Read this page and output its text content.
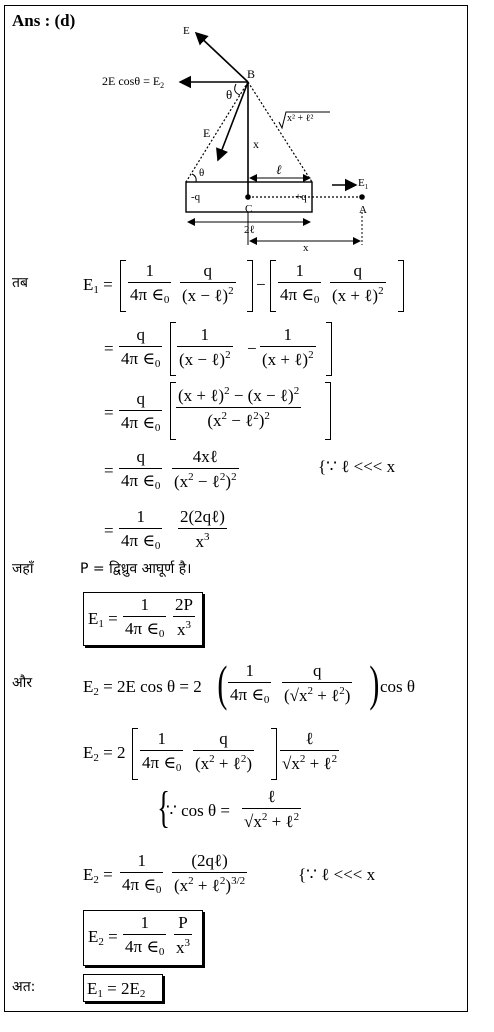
Ans : (d)
E
2E $\cos\theta = E_2$
B
θ
E
x² + ℓ²
x
ℓ
$E_1$
-q	+q
C	A
2ℓ
x
θ
तब	$E_1$ =
1
4π $\in_0$
q
(x − ℓ)$^2$ −
1
4π $\in_0$
q
(x + ℓ)$^2$
=
q
4π $\in_0$
1
(x − ℓ)$^2$ −
1
(x + ℓ)$^2$
=
q
4π $\in_0$
(x + ℓ)$^2$ − (x − ℓ)$^2$
($x^2$ − ℓ$^2$)$^2$
=
q
4π $\in_0$
4xℓ
($x^2$ − ℓ$^2$)$^2$
{∵ ℓ <<< x
=
1
4π $\in_0$
2(2qℓ)
$x^3$
जहाँ	P = द्विध्रुव आघूर्ण है।
$E_1$ =
1
4π $\in_0$
2P
$x^3$
और	$E_2 = 2E$ cos θ = 2 (	1
4π $\in_0$
q
($√x^2$ + ℓ$^2$) ) cos θ
$E_2 = 2$
1
4π $\in_0$
q
($x^2$ + ℓ$^2$)
ℓ
$√x^2$ + ℓ$^2$
{
∵ cos θ =
ℓ
$√x^2$ + ℓ$^2$
$E_2$ =
1
4π $\in_0$
(2qℓ)
($x^2$ + ℓ$^2$)$^{3/2}$	{∵ ℓ <<< x
$E_2$ =
1
4π $\in_0$
P
$x^3$
अत:	$E_1 = 2E_2$
